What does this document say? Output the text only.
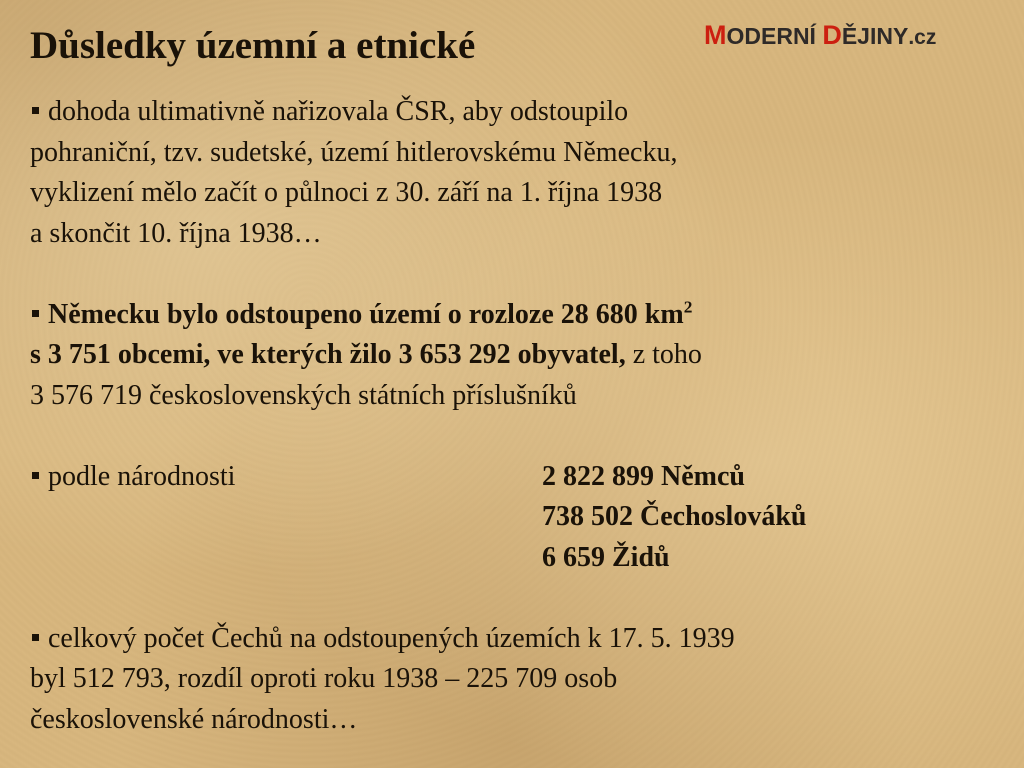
Důsledky územní a etnické	MODERNÍ DĚJINY.cz
dohoda ultimativně nařizovala ČSR, aby odstoupilo
pohraniční, tzv. sudetské, území hitlerovskému Německu,
vyklizení mělo začít o půlnoci z 30. září na 1. října 1938
a skončit 10. října 1938…
Německu bylo odstoupeno území o rozloze 28 680 $km^2$
s 3 751 obcemi, ve kterých žilo 3 653 292 obyvatel, z toho
3 576 719 československých státních příslušníků
podle národnosti	2 822 899 Němců
738 502 Čechoslováků
6 659 Židů
celkový počet Čechů na odstoupených územích k 17. 5. 1939
byl 512 793, rozdíl oproti roku 1938 – 225 709 osob
československé národnosti…
